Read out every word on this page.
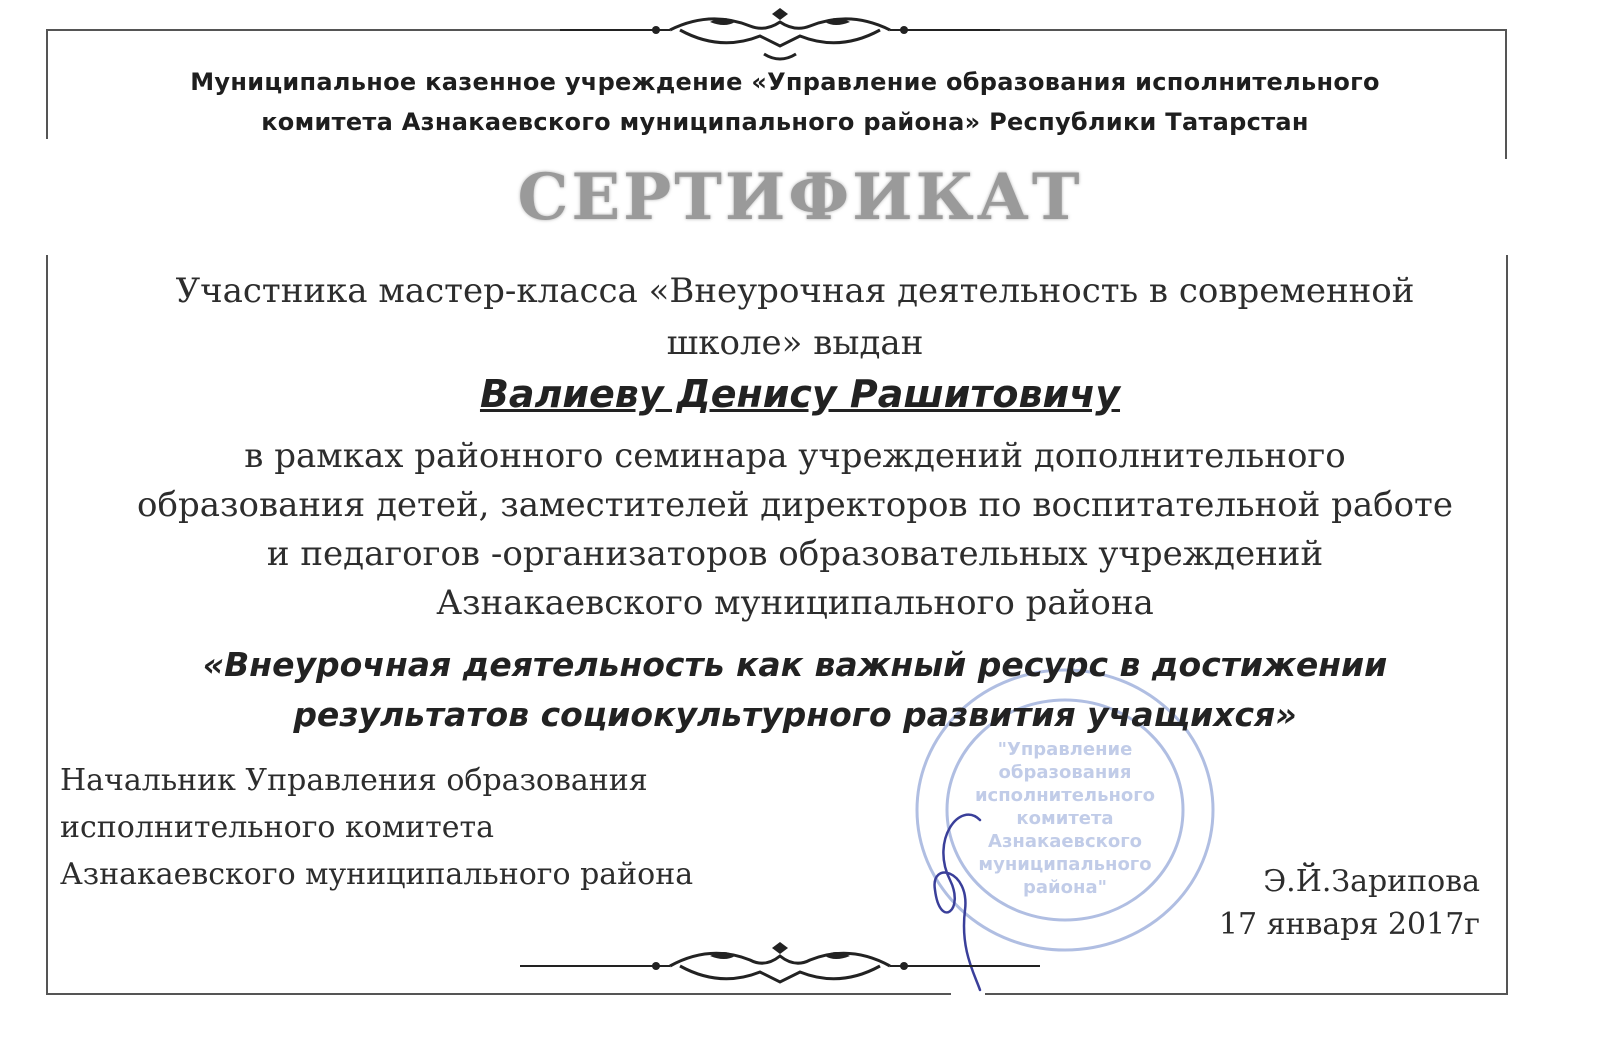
Муниципальное казенное учреждение «Управление образования исполнительного
комитета Азнакаевского муниципального района» Республики Татарстан
СЕРТИФИКАТ
Участника мастер-класса «Внеурочная деятельность в современной
школе» выдан
Валиеву Денису Рашитовичу
в рамках районного семинара учреждений дополнительного
образования детей, заместителей директоров по воспитательной работе
и педагогов -организаторов образовательных учреждений
Азнакаевского муниципального района
"Управление
образования
исполнительного
комитета
Азнакаевского
муниципального
района"
«Внеурочная деятельность как важный ресурс в достижении
результатов социокультурного развития учащихся»
Начальник Управления образования
исполнительного комитета
Азнакаевского муниципального района	Э.Й.Зарипова
17 января 2017г
